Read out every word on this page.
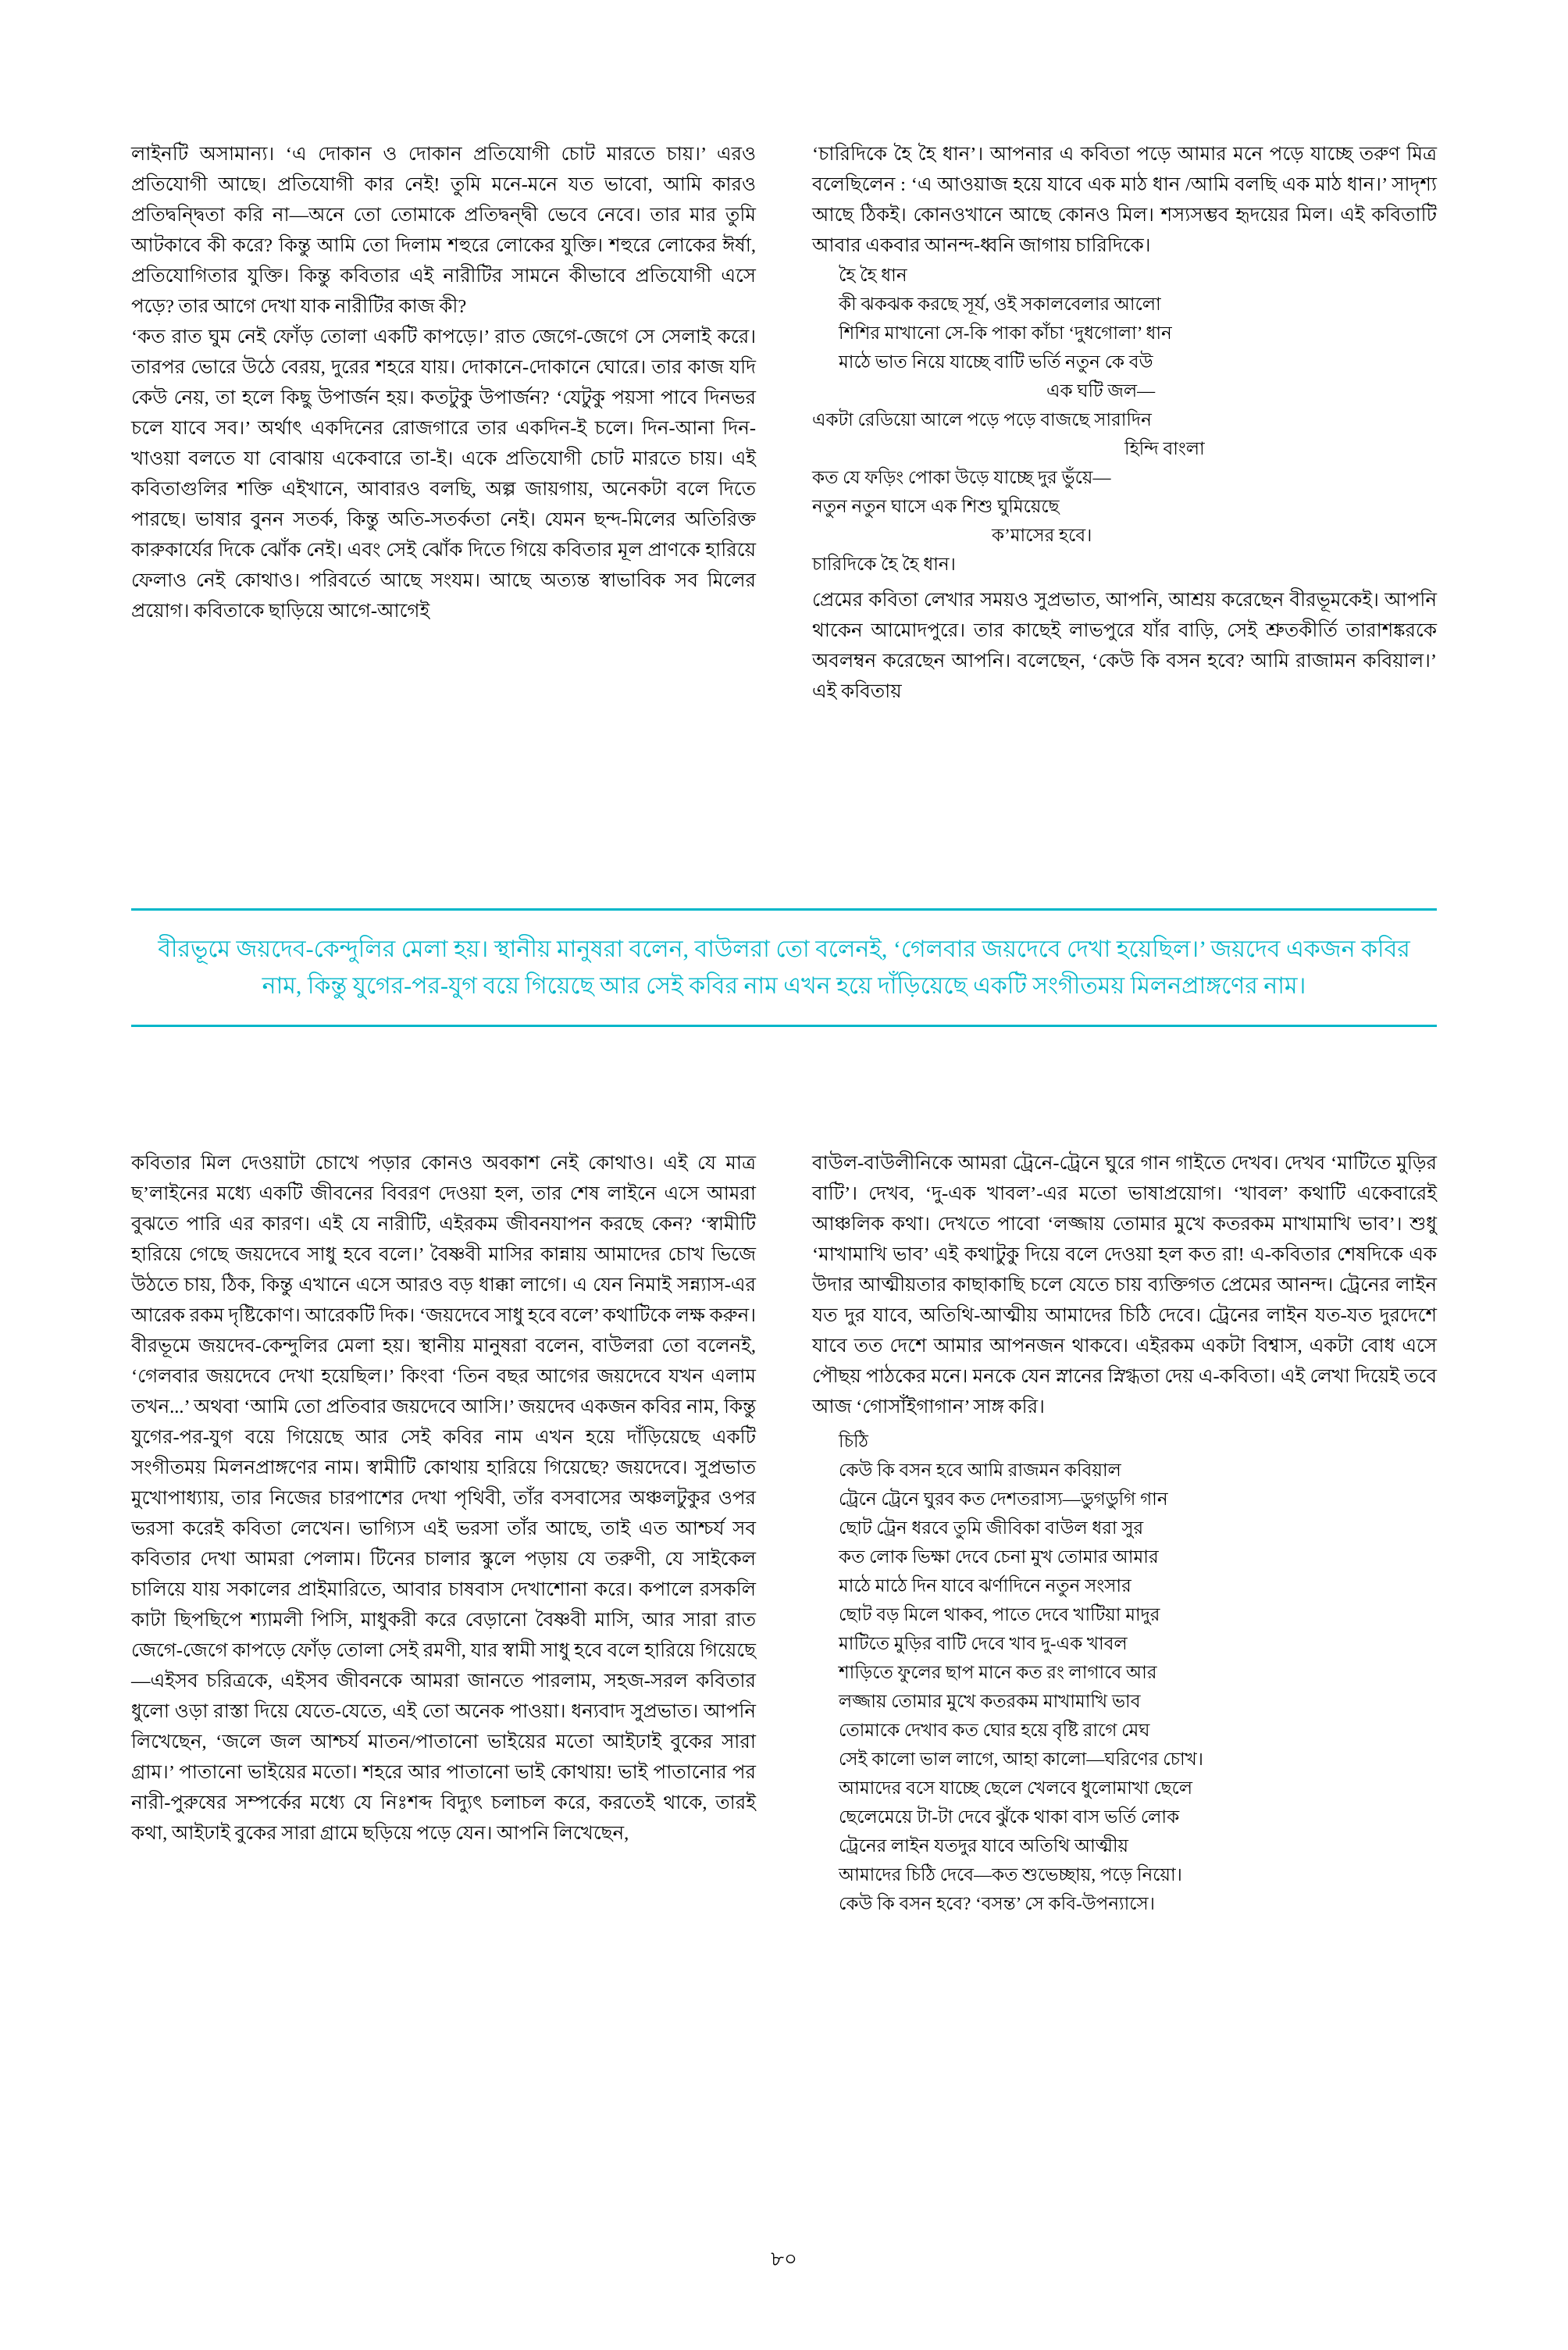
লাইনটি অসামান্য। ‘এ দোকান ও দোকান প্রতিযোগী চোট মারতে চায়।’ এরও প্রতিযোগী আছে। প্রতিযোগী কার নেই! তুমি মনে-মনে যত ভাবো, আমি কারও প্রতিদ্বন্দ্বিতা করি না—অনে তো তোমাকে প্রতিদ্বন্দ্বী ভেবে নেবে। তার মার তুমি আটকাবে কী করে? কিন্তু আমি তো দিলাম শহুরে লোকের যুক্তি। শহুরে লোকের ঈর্ষা, প্রতিযোগিতার যুক্তি। কিন্তু কবিতার এই নারীটির সামনে কীভাবে প্রতিযোগী এসে পড়ে? তার আগে দেখা যাক নারীটির কাজ কী?

‘কত রাত ঘুম নেই ফোঁড় তোলা একটি কাপড়ে।’ রাত জেগে-জেগে সে সেলাই করে। তারপর ভোরে উঠে বেরয়, দুরের শহরে যায়। দোকানে-দোকানে ঘোরে। তার কাজ যদি কেউ নেয়, তা হলে কিছু উপার্জন হয়। কতটুকু উপার্জন? ‘যেটুকু পয়সা পাবে দিনভর চলে যাবে সব।’ অর্থাৎ একদিনের রোজগারে তার একদিন-ই চলে। দিন-আনা দিন-খাওয়া বলতে যা বোঝায় একেবারে তা-ই। একে প্রতিযোগী চোট মারতে চায়। এই কবিতাগুলির শক্তি এইখানে, আবারও বলছি, অল্প জায়গায়, অনেকটা বলে দিতে পারছে। ভাষার বুনন সতর্ক, কিন্তু অতি-সতর্কতা নেই। যেমন ছন্দ-মিলের অতিরিক্ত কারুকার্যের দিকে ঝোঁক নেই। এবং সেই ঝোঁক দিতে গিয়ে কবিতার মূল প্রাণকে হারিয়ে ফেলাও নেই কোথাও। পরিবর্তে আছে সংযম। আছে অত্যন্ত স্বাভাবিক সব মিলের প্রয়োগ। কবিতাকে ছাড়িয়ে আগে-আগেই

‘চারিদিকে হৈ হৈ ধান’। আপনার এ কবিতা পড়ে আমার মনে পড়ে যাচ্ছে তরুণ মিত্র বলেছিলেন : ‘এ আওয়াজ হয়ে যাবে এক মাঠ ধান /আমি বলছি এক মাঠ ধান।’ সাদৃশ্য আছে ঠিকই। কোনওখানে আছে কোনও মিল। শস্যসম্ভব হৃদয়ের মিল। এই কবিতাটি আবার একবার আনন্দ-ধ্বনি জাগায় চারিদিকে।

হৈ হৈ ধান
কী ঝকঝক করছে সূর্য, ওই সকালবেলার আলো
শিশির মাখানো সে-কি পাকা কাঁচা ‘দুধগোলা’ ধান
মাঠে ভাত নিয়ে যাচ্ছে বাটি ভর্তি নতুন কে বউ
এক ঘটি জল—
একটা রেডিয়ো আলে পড়ে পড়ে বাজছে সারাদিন
হিন্দি বাংলা
কত যে ফড়িং পোকা উড়ে যাচ্ছে দুর ভুঁয়ে—
নতুন নতুন ঘাসে এক শিশু ঘুমিয়েছে
ক’মাসের হবে।
চারিদিকে হৈ হৈ ধান।

প্রেমের কবিতা লেখার সময়ও সুপ্রভাত, আপনি, আশ্রয় করেছেন বীরভূমকেই। আপনি থাকেন আমোদপুরে। তার কাছেই লাভপুরে যাঁর বাড়ি, সেই শ্রুতকীর্তি তারাশঙ্করকে অবলম্বন করেছেন আপনি। বলেছেন, ‘কেউ কি বসন হবে? আমি রাজামন কবিয়াল।’ এই কবিতায়

বীরভূমে জয়দেব-কেন্দুলির মেলা হয়। স্থানীয় মানুষরা বলেন, বাউলরা তো বলেনই, ‘গেলবার জয়দেবে দেখা হয়েছিল।’ জয়দেব একজন কবির নাম, কিন্তু যুগের-পর-যুগ বয়ে গিয়েছে আর সেই কবির নাম এখন হয়ে দাঁড়িয়েছে একটি সংগীতময় মিলনপ্রাঙ্গণের নাম।

কবিতার মিল দেওয়াটা চোখে পড়ার কোনও অবকাশ নেই কোথাও। এই যে মাত্র ছ’লাইনের মধ্যে একটি জীবনের বিবরণ দেওয়া হল, তার শেষ লাইনে এসে আমরা বুঝতে পারি এর কারণ। এই যে নারীটি, এইরকম জীবনযাপন করছে কেন? ‘স্বামীটি হারিয়ে গেছে জয়দেবে সাধু হবে বলে।’ বৈষ্ণবী মাসির কান্নায় আমাদের চোখ ভিজে উঠতে চায়, ঠিক, কিন্তু এখানে এসে আরও বড় ধাক্কা লাগে। এ যেন নিমাই সন্ন্যাস-এর আরেক রকম দৃষ্টিকোণ। আরেকটি দিক। ‘জয়দেবে সাধু হবে বলে’ কথাটিকে লক্ষ করুন। বীরভূমে জয়দেব-কেন্দুলির মেলা হয়। স্থানীয় মানুষরা বলেন, বাউলরা তো বলেনই, ‘গেলবার জয়দেবে দেখা হয়েছিল।’ কিংবা ‘তিন বছর আগের জয়দেবে যখন এলাম তখন...’ অথবা ‘আমি তো প্রতিবার জয়দেবে আসি।’ জয়দেব একজন কবির নাম, কিন্তু যুগের-পর-যুগ বয়ে গিয়েছে আর সেই কবির নাম এখন হয়ে দাঁড়িয়েছে একটি সংগীতময় মিলনপ্রাঙ্গণের নাম। স্বামীটি কোথায় হারিয়ে গিয়েছে? জয়দেবে। সুপ্রভাত মুখোপাধ্যায়, তার নিজের চারপাশের দেখা পৃথিবী, তাঁর বসবাসের অঞ্চলটুকুর ওপর ভরসা করেই কবিতা লেখেন। ভাগ্যিস এই ভরসা তাঁর আছে, তাই এত আশ্চর্য সব কবিতার দেখা আমরা পেলাম। টিনের চালার স্কুলে পড়ায় যে তরুণী, যে সাইকেল চালিয়ে যায় সকালের প্রাইমারিতে, আবার চাষবাস দেখাশোনা করে। কপালে রসকলি কাটা ছিপছিপে শ্যামলী পিসি, মাধুকরী করে বেড়ানো বৈষ্ণবী মাসি, আর সারা রাত জেগে-জেগে কাপড়ে ফোঁড় তোলা সেই রমণী, যার স্বামী সাধু হবে বলে হারিয়ে গিয়েছে—এইসব চরিত্রকে, এইসব জীবনকে আমরা জানতে পারলাম, সহজ-সরল কবিতার ধুলো ওড়া রাস্তা দিয়ে যেতে-যেতে, এই তো অনেক পাওয়া। ধন্যবাদ সুপ্রভাত। আপনি লিখেছেন, ‘জলে জল আশ্চর্য মাতন/পাতানো ভাইয়ের মতো আইঢাই বুকের সারা গ্রাম।’ পাতানো ভাইয়ের মতো। শহরে আর পাতানো ভাই কোথায়! ভাই পাতানোর পর নারী-পুরুষের সম্পর্কের মধ্যে যে নিঃশব্দ বিদ্যুৎ চলাচল করে, করতেই থাকে, তারই কথা, আইঢাই বুকের সারা গ্রামে ছড়িয়ে পড়ে যেন। আপনি লিখেছেন,

বাউল-বাউলীনিকে আমরা ট্রেনে-ট্রেনে ঘুরে গান গাইতে দেখব। দেখব ‘মাটিতে মুড়ির বাটি’। দেখব, ‘দু-এক খাবল’-এর মতো ভাষাপ্রয়োগ। ‘খাবল’ কথাটি একেবারেই আঞ্চলিক কথা। দেখতে পাবো ‘লজ্জায় তোমার মুখে কতরকম মাখামাখি ভাব’। শুধু ‘মাখামাখি ভাব’ এই কথাটুকু দিয়ে বলে দেওয়া হল কত রা! এ-কবিতার শেষদিকে এক উদার আত্মীয়তার কাছাকাছি চলে যেতে চায় ব্যক্তিগত প্রেমের আনন্দ। ট্রেনের লাইন যত দুর যাবে, অতিথি-আত্মীয় আমাদের চিঠি দেবে। ট্রেনের লাইন যত-যত দুরদেশে যাবে তত দেশে আমার আপনজন থাকবে। এইরকম একটা বিশ্বাস, একটা বোধ এসে পৌছয় পাঠকের মনে। মনকে যেন স্নানের স্নিগ্ধতা দেয় এ-কবিতা। এই লেখা দিয়েই তবে আজ ‘গোসাঁইগাগান’ সাঙ্গ করি।

চিঠি
কেউ কি বসন হবে আমি রাজমন কবিয়াল
ট্রেনে ট্রেনে ঘুরব কত দেশতরাস্য—ডুগডুগি গান
ছোট ট্রেন ধরবে তুমি জীবিকা বাউল ধরা সুর
কত লোক ভিক্ষা দেবে চেনা মুখ তোমার আমার
মাঠে মাঠে দিন যাবে ঝর্ণাদিনে নতুন সংসার
ছোট বড় মিলে থাকব, পাতে দেবে খাটিয়া মাদুর
মাটিতে মুড়ির বাটি দেবে খাব দু-এক খাবল
শাড়িতে ফুলের ছাপ মানে কত রং লাগাবে আর
লজ্জায় তোমার মুখে কতরকম মাখামাখি ভাব
তোমাকে দেখাব কত ঘোর হয়ে বৃষ্টি রাগে মেঘ
সেই কালো ভাল লাগে, আহা কালো—ঘরিণের চোখ।
আমাদের বসে যাচ্ছে ছেলে খেলবে ধুলোমাখা ছেলে
ছেলেমেয়ে টা-টা দেবে ঝুঁকে থাকা বাস ভর্তি লোক
ট্রেনের লাইন যতদুর যাবে অতিথি আত্মীয়
আমাদের চিঠি দেবে—কত শুভেচ্ছায়, পড়ে নিয়ো।
কেউ কি বসন হবে? ‘বসন্ত’ সে কবি-উপন্যাসে।
৮০
